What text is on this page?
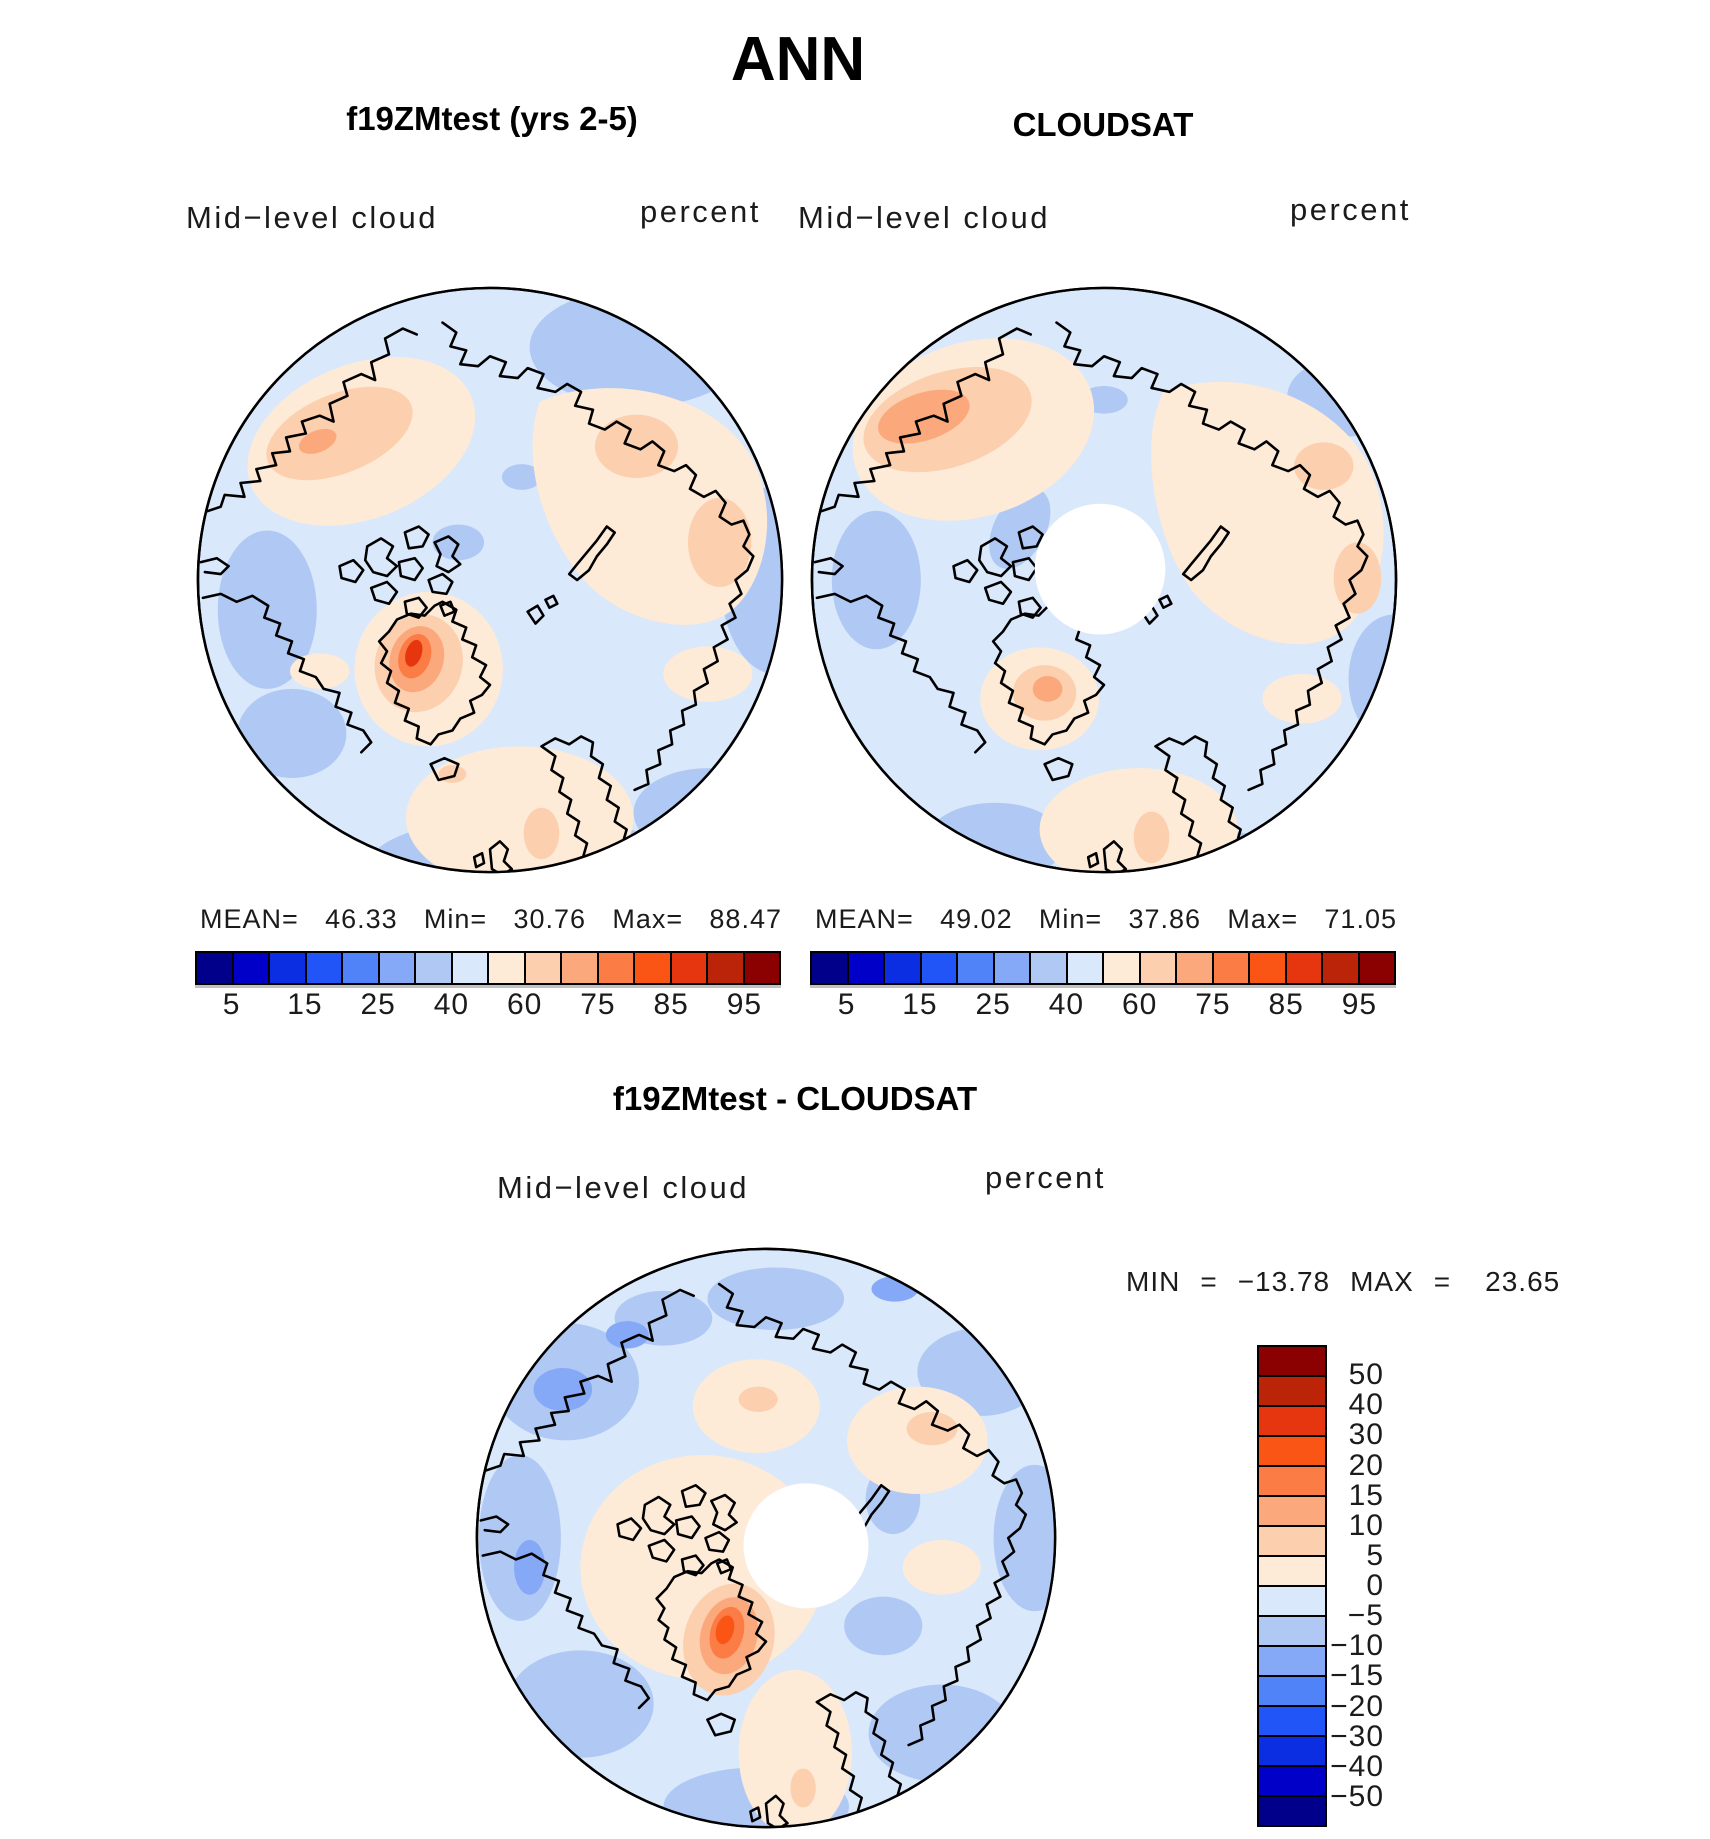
ANN
f19ZMtest (yrs 2-5)	CLOUDSAT
Mid−level cloud	percent Mid−level cloud	percent
MEAN= 46.33 Min= 30.76 Max= 88.47 MEAN= 49.02 Min= 37.86 Max= 71.05
5 15 25 40 60 75 85 95	5 15 25 40 60 75 85 95
f19ZMtest - CLOUDSAT
Mid−level cloud	percent
MIN = −13.78 MAX = 23.65
50
40
30
20
15
10
5
0
−5
−10
−15
−20
−30
−40
−50
